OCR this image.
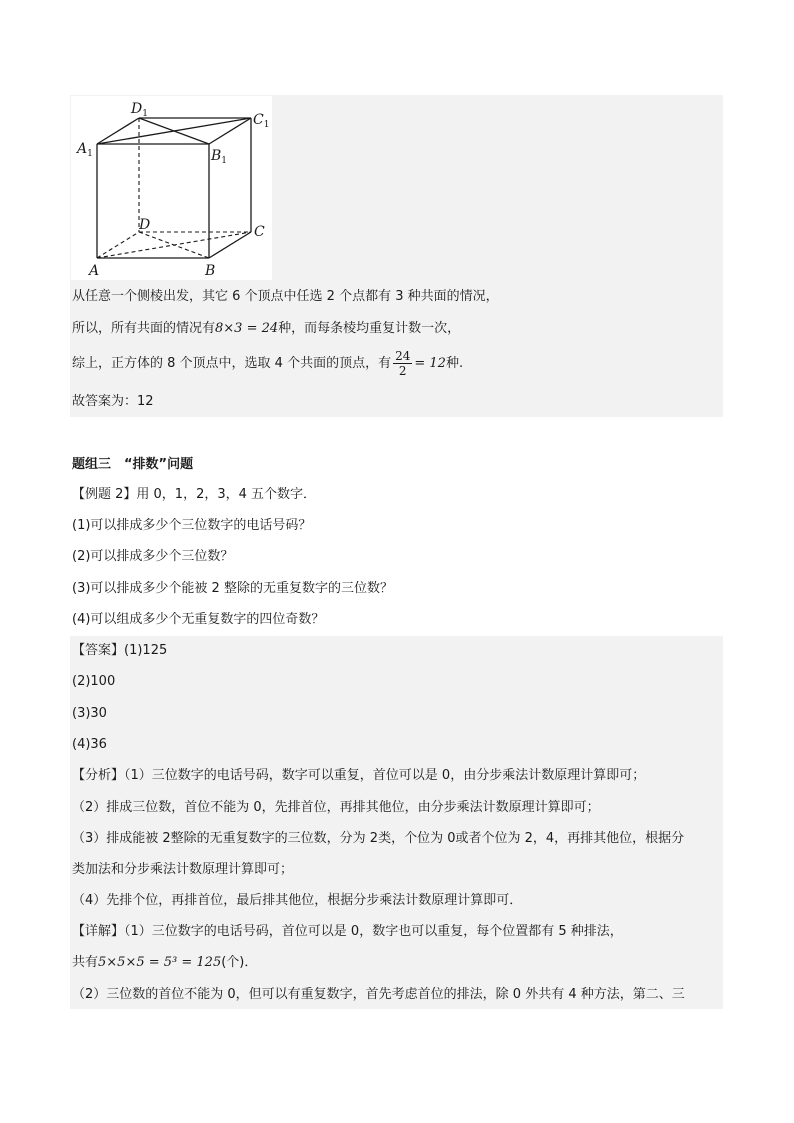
$D_1$	$C_1$
$A_1$	$B_1$
D	C
A	B
从任意一个侧棱出发，其它 6 个顶点中任选 2 个点都有 3 种共面的情况，
所以，所有共面的情况有8×3 = 24种，而每条棱均重复计数一次，
综上，正方体的 8 个顶点中，选取 4 个共面的顶点，有 $\frac{24}{2} = 12$种.
故答案为：12
题组三　“排数”问题
【例题 2】用 0，1，2，3，4 五个数字．
(1)可以排成多少个三位数字的电话号码？
(2)可以排成多少个三位数？
(3)可以排成多少个能被 2 整除的无重复数字的三位数？
(4)可以组成多少个无重复数字的四位奇数？
【答案】(1)125
(2)100
(3)30
(4)36
【分析】（1）三位数字的电话号码，数字可以重复，首位可以是 0，由分步乘法计数原理计算即可；
（2）排成三位数，首位不能为 0，先排首位，再排其他位，由分步乘法计数原理计算即可；
（3）排成能被 2整除的无重复数字的三位数，分为 2类，个位为 0或者个位为 2，4，再排其他位，根据分
类加法和分步乘法计数原理计算即可；
（4）先排个位，再排首位，最后排其他位，根据分步乘法计数原理计算即可．
【详解】（1）三位数字的电话号码，首位可以是 0，数字也可以重复，每个位置都有 5 种排法，
共有5×5×5 = 5³ = 125(个)．
（2）三位数的首位不能为 0，但可以有重复数字，首先考虑首位的排法，除 0 外共有 4 种方法，第二、三
